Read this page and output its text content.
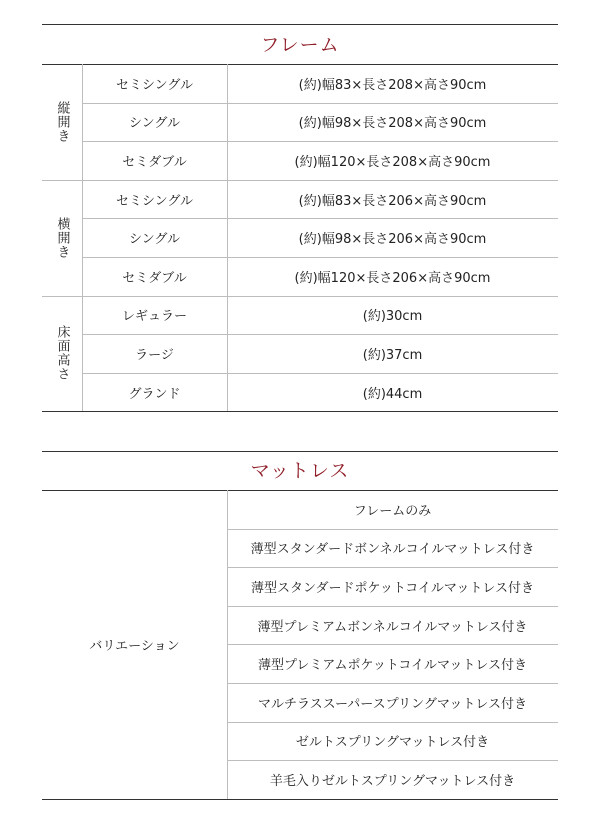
フレーム
縦開き
セミシングル	(約)幅83×長さ208×高さ90cm
シングル	(約)幅98×長さ208×高さ90cm
セミダブル	(約)幅120×長さ208×高さ90cm
横開き
セミシングル	(約)幅83×長さ206×高さ90cm
シングル	(約)幅98×長さ206×高さ90cm
セミダブル	(約)幅120×長さ206×高さ90cm
床面高さ
レギュラー	(約)30cm
ラージ	(約)37cm
グランド	(約)44cm
マットレス
バリエーション
フレームのみ
薄型スタンダードボンネルコイルマットレス付き
薄型スタンダードポケットコイルマットレス付き
薄型プレミアムボンネルコイルマットレス付き
薄型プレミアムポケットコイルマットレス付き
マルチラススーパースプリングマットレス付き
ゼルトスプリングマットレス付き
羊毛入りゼルトスプリングマットレス付き
